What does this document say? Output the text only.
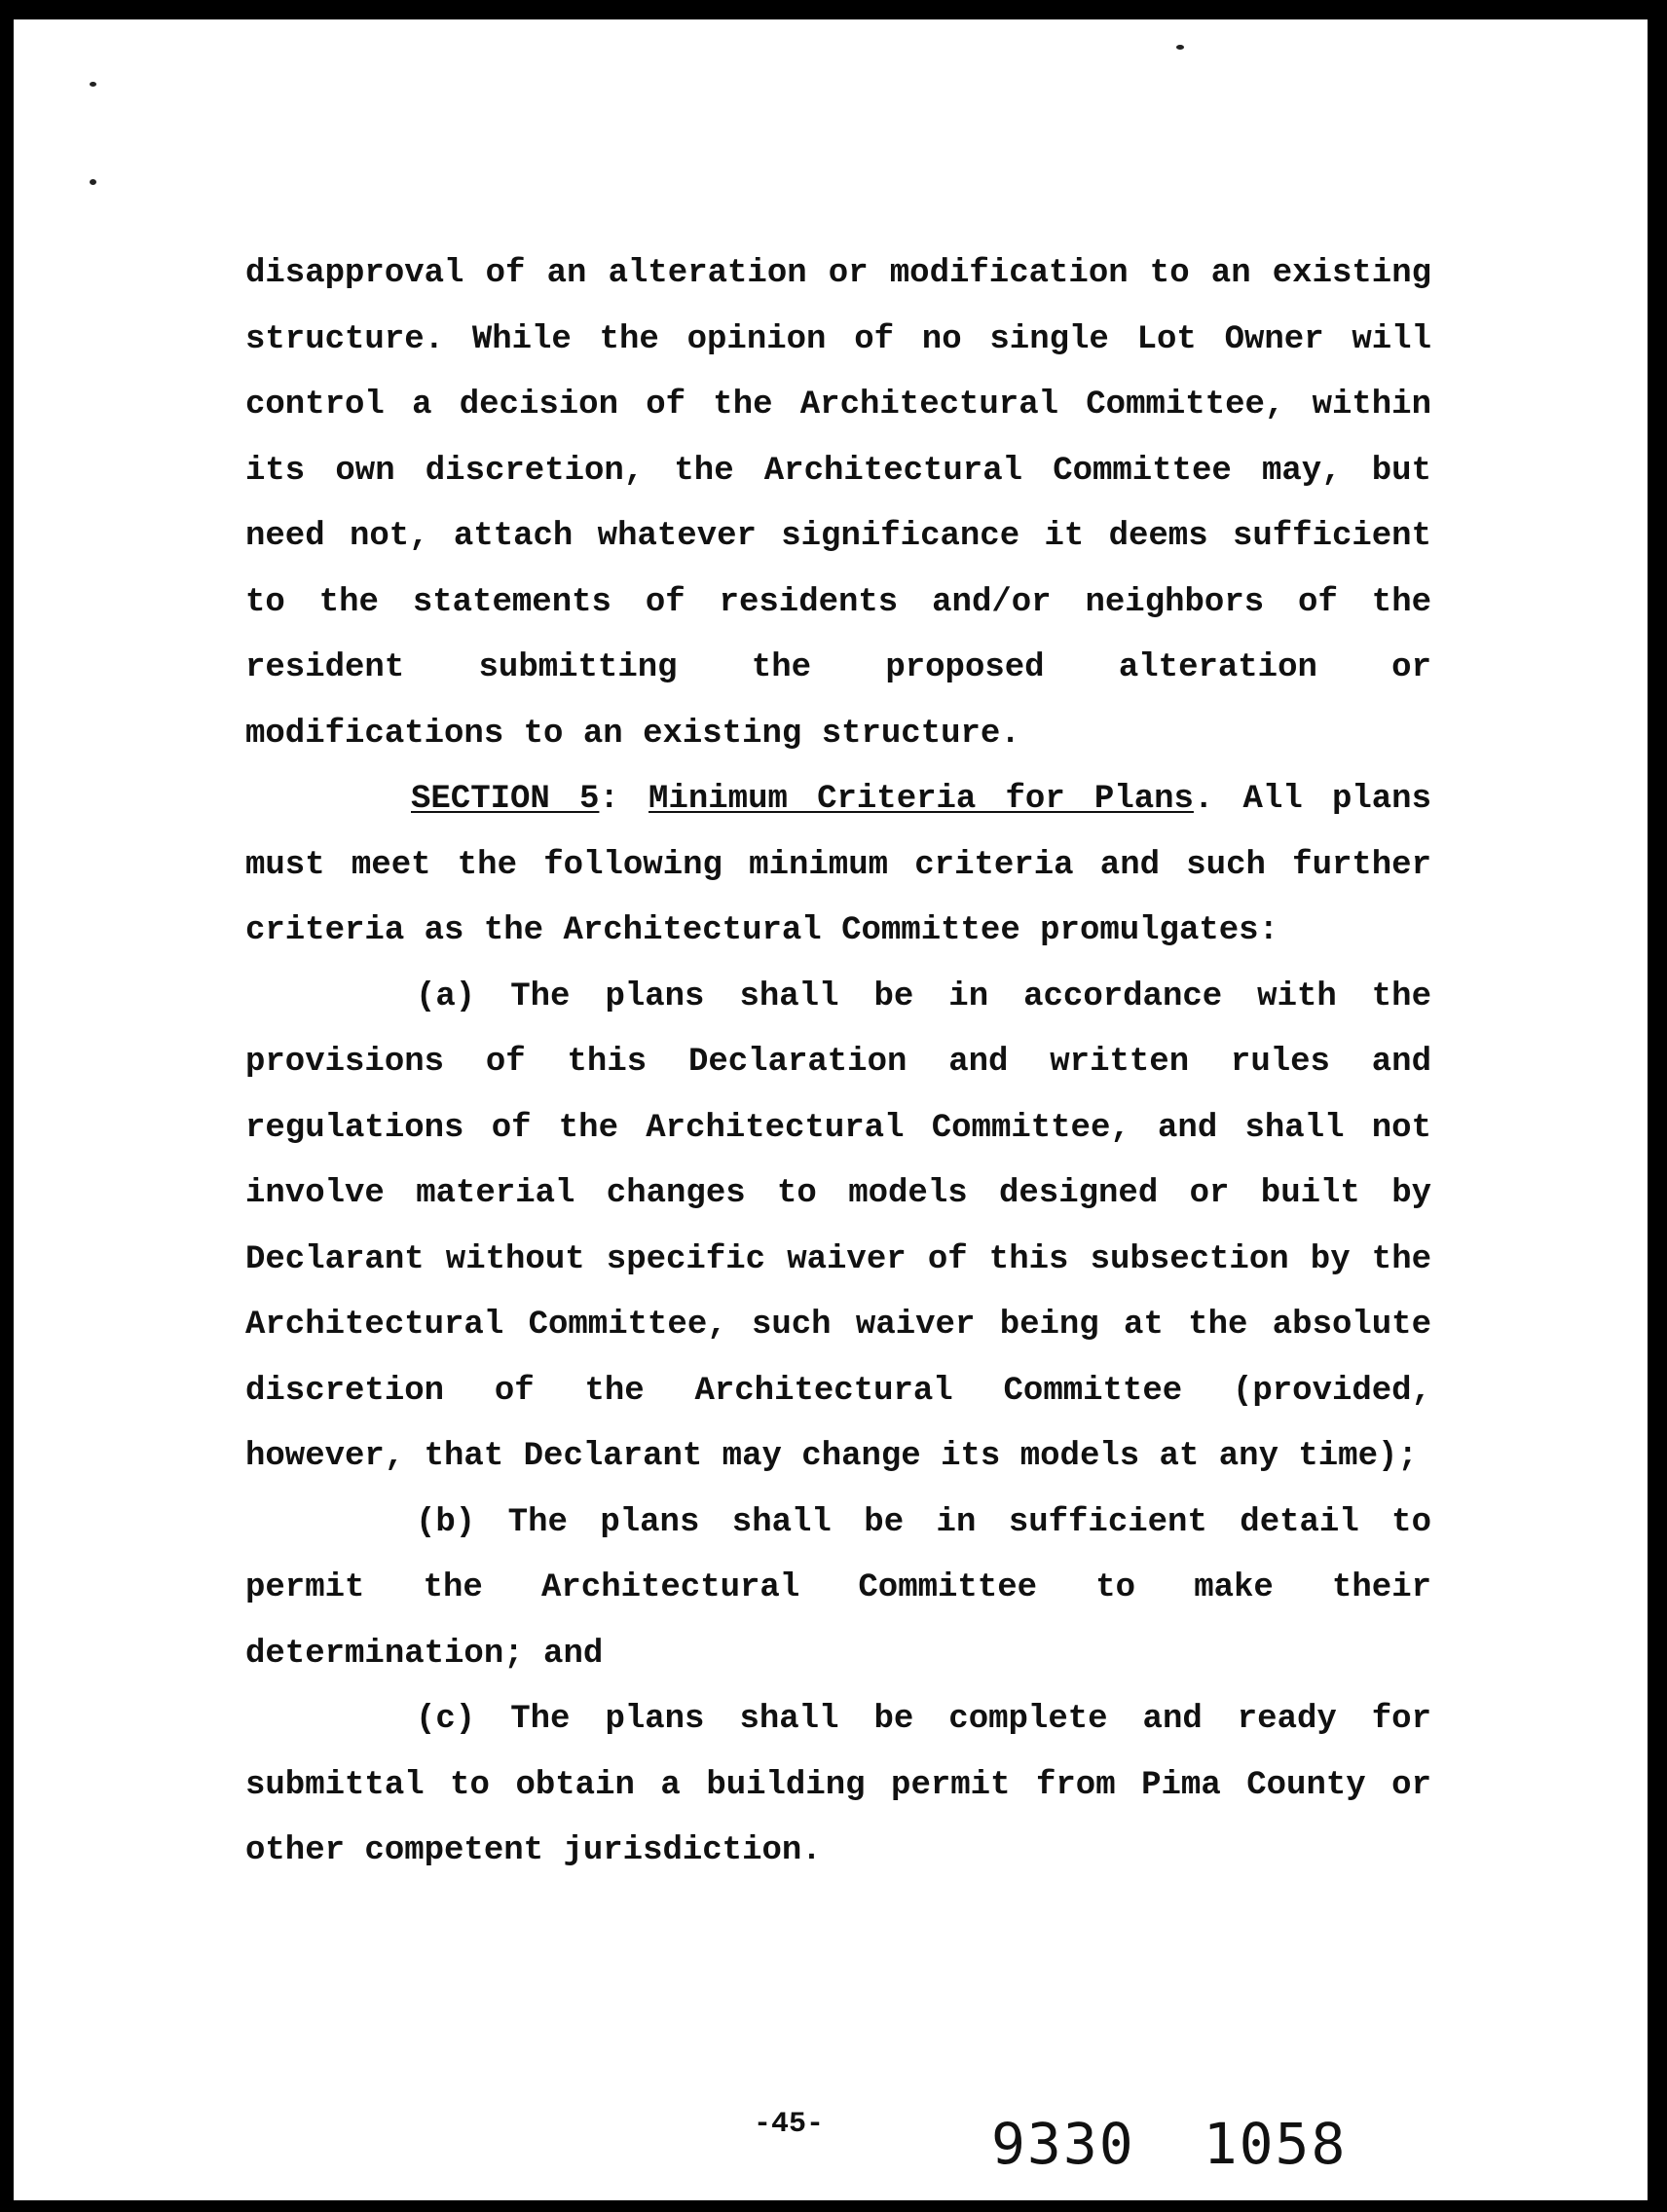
disapproval of an alteration or modification to an existing structure. While the opinion of no single Lot Owner will control a decision of the Architectural Committee, within its own discretion, the Architectural Committee may, but need not, attach whatever significance it deems sufficient to the statements of residents and/or neighbors of the resident submitting the proposed alteration or modifications to an existing structure.

SECTION 5: Minimum Criteria for Plans. All plans must meet the following minimum criteria and such further criteria as the Architectural Committee promulgates:

(a) The plans shall be in accordance with the provisions of this Declaration and written rules and regulations of the Architectural Committee, and shall not involve material changes to models designed or built by Declarant without specific waiver of this subsection by the Architectural Committee, such waiver being at the absolute discretion of the Architectural Committee (provided, however, that Declarant may change its models at any time);

(b) The plans shall be in sufficient detail to permit the Architectural Committee to make their determination; and

(c) The plans shall be complete and ready for submittal to obtain a building permit from Pima County or other competent jurisdiction.

-45-	9330 1058
